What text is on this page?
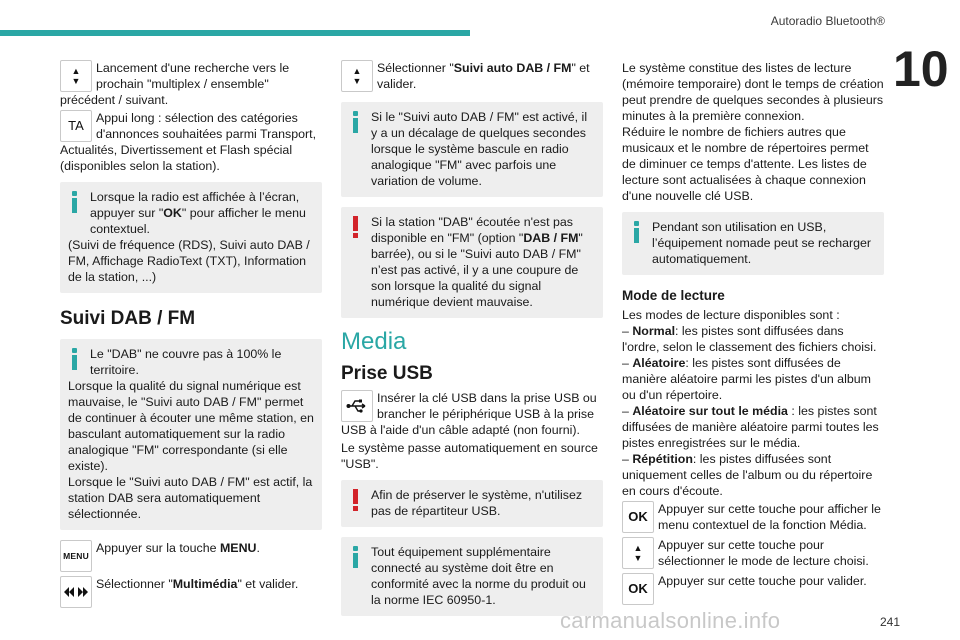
Autoradio Bluetooth®
10
▲
▼

Lancement d'une recherche vers le prochain "multiplex / ensemble" précédent / suivant.

TA Appui long : sélection des catégories d'annonces souhaitées parmi Transport, Actualités, Divertissement et Flash spécial (disponibles selon la station).

Lorsque la radio est affichée à l’écran, appuyer sur "OK" pour afficher le menu contextuel.

(Suivi de fréquence (RDS), Suivi auto DAB / FM, Affichage RadioText (TXT), Information de la station, ...)

Suivi DAB / FM

Le "DAB" ne couvre pas à 100% le territoire.

Lorsque la qualité du signal numérique est mauvaise, le "Suivi auto DAB / FM" permet de continuer à écouter une même station, en basculant automatiquement sur la radio analogique "FM" correspondante (si elle existe).

Lorsque le "Suivi auto DAB / FM" est actif, la station DAB sera automatiquement sélectionnée.

MENU

Appuyer sur la touche MENU.

Sélectionner "Multimédia" et valider.

▲
▼

Sélectionner "Suivi auto DAB / FM" et valider.

Si le "Suivi auto DAB / FM" est activé, il y a un décalage de quelques secondes lorsque le système bascule en radio analogique "FM" avec parfois une variation de volume.

Si la station "DAB" écoutée n'est pas disponible en "FM" (option "DAB / FM" barrée), ou si le "Suivi auto DAB / FM" n’est pas activé, il y a une coupure de son lorsque la qualité du signal numérique devient mauvaise.

Media
Prise USB

Insérer la clé USB dans la prise USB ou brancher le périphérique USB à la prise USB à l'aide d'un câble adapté (non fourni).

Le système passe automatiquement en source "USB".

Afin de préserver le système, n'utilisez pas de répartiteur USB.

Tout équipement supplémentaire connecté au système doit être en conformité avec la norme du produit ou la norme IEC 60950-1.

Le système constitue des listes de lecture (mémoire temporaire) dont le temps de création peut prendre de quelques secondes à plusieurs minutes à la première connexion.

Réduire le nombre de fichiers autres que musicaux et le nombre de répertoires permet de diminuer ce temps d'attente. Les listes de lecture sont actualisées à chaque connexion d'une nouvelle clé USB.

Pendant son utilisation en USB, l’équipement nomade peut se recharger automatiquement.

Mode de lecture

Les modes de lecture disponibles sont :

– Normal: les pistes sont diffusées dans l'ordre, selon le classement des fichiers choisi.

– Aléatoire: les pistes sont diffusées de manière aléatoire parmi les pistes d'un album ou d'un répertoire.

– Aléatoire sur tout le média : les pistes sont diffusées de manière aléatoire parmi toutes les pistes enregistrées sur le média.

– Répétition: les pistes diffusées sont uniquement celles de l'album ou du répertoire en cours d'écoute.

OK Appuyer sur cette touche pour afficher le menu contextuel de la fonction Média.

▲
▼

Appuyer sur cette touche pour sélectionner le mode de lecture choisi.

OK Appuyer sur cette touche pour valider.

carmanualsonline.info	241
